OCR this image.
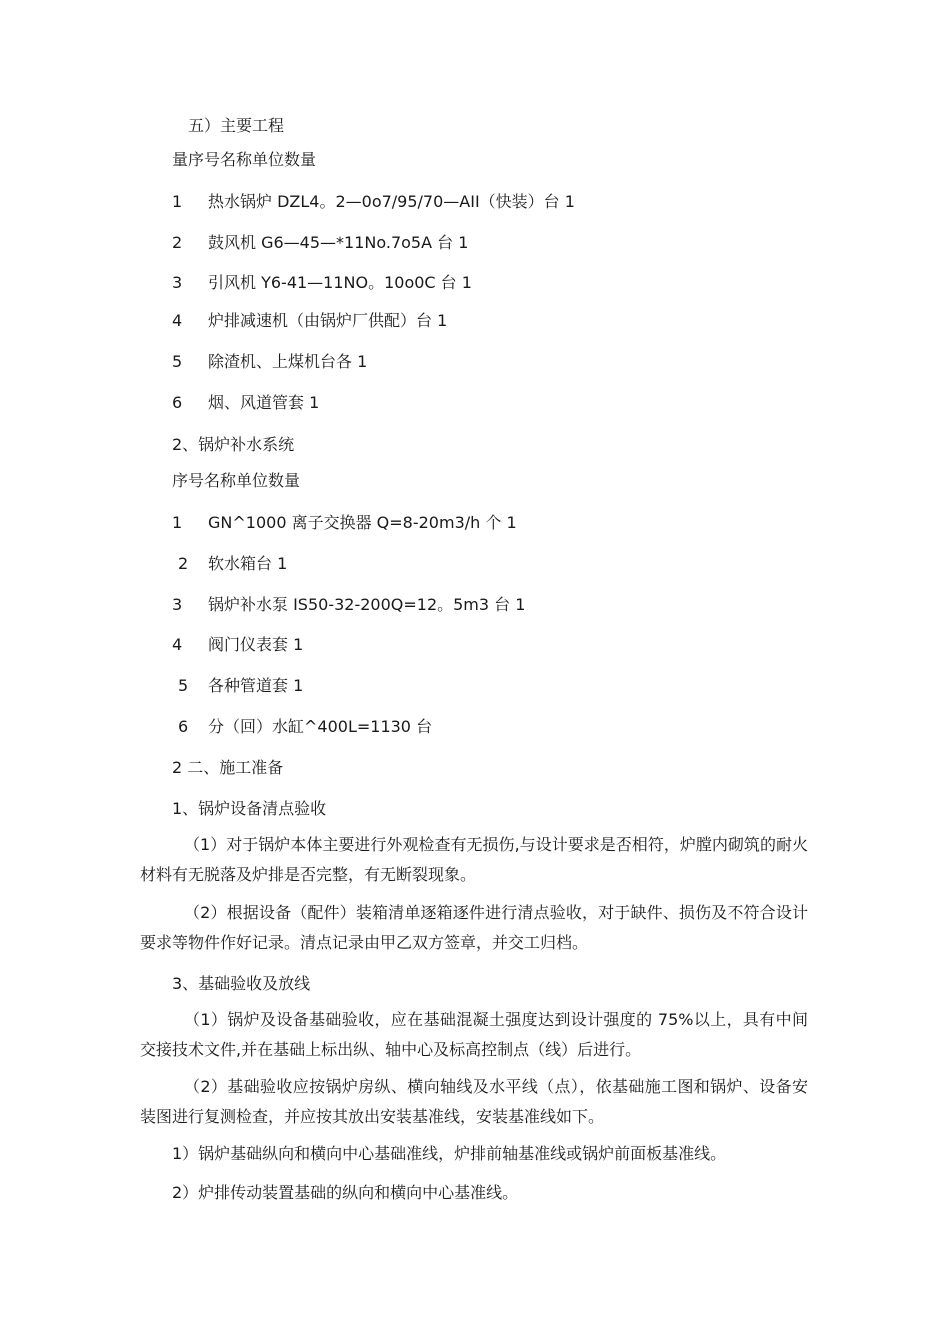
五）主要工程
量序号名称单位数量
1 热水锅炉 DZL4。2—0o7/95/70—AII（快装）台 1
2 鼓风机 G6—45—*11No.7o5A 台 1
3 引风机 Y6-41—11NO。10o0C 台 1
4 炉排减速机（由锅炉厂供配）台 1
5 除渣机、上煤机台各 1
6 烟、风道管套 1
2、锅炉补水系统
序号名称单位数量
1 GN^1000 离子交换器 Q=8-20m3/h 个 1
2 软水箱台 1
3 锅炉补水泵 IS50-32-200Q=12。5m3 台 1
4 阀门仪表套 1
5 各种管道套 1
6 分（回）水缸^400L=1130 台
2 二、施工准备
1、锅炉设备清点验收
（1）对于锅炉本体主要进行外观检查有无损伤,与设计要求是否相符，炉膛内砌筑的耐火材料有无脱落及炉排是否完整，有无断裂现象。
（2）根据设备（配件）装箱清单逐箱逐件进行清点验收，对于缺件、损伤及不符合设计要求等物件作好记录。清点记录由甲乙双方签章，并交工归档。
3、基础验收及放线
（1）锅炉及设备基础验收，应在基础混凝土强度达到设计强度的 75%以上，具有中间交接技术文件,并在基础上标出纵、轴中心及标高控制点（线）后进行。
（2）基础验收应按锅炉房纵、横向轴线及水平线（点），依基础施工图和锅炉、设备安装图进行复测检查，并应按其放出安装基准线，安装基准线如下。
1）锅炉基础纵向和横向中心基础准线，炉排前轴基准线或锅炉前面板基准线。
2）炉排传动装置基础的纵向和横向中心基准线。
